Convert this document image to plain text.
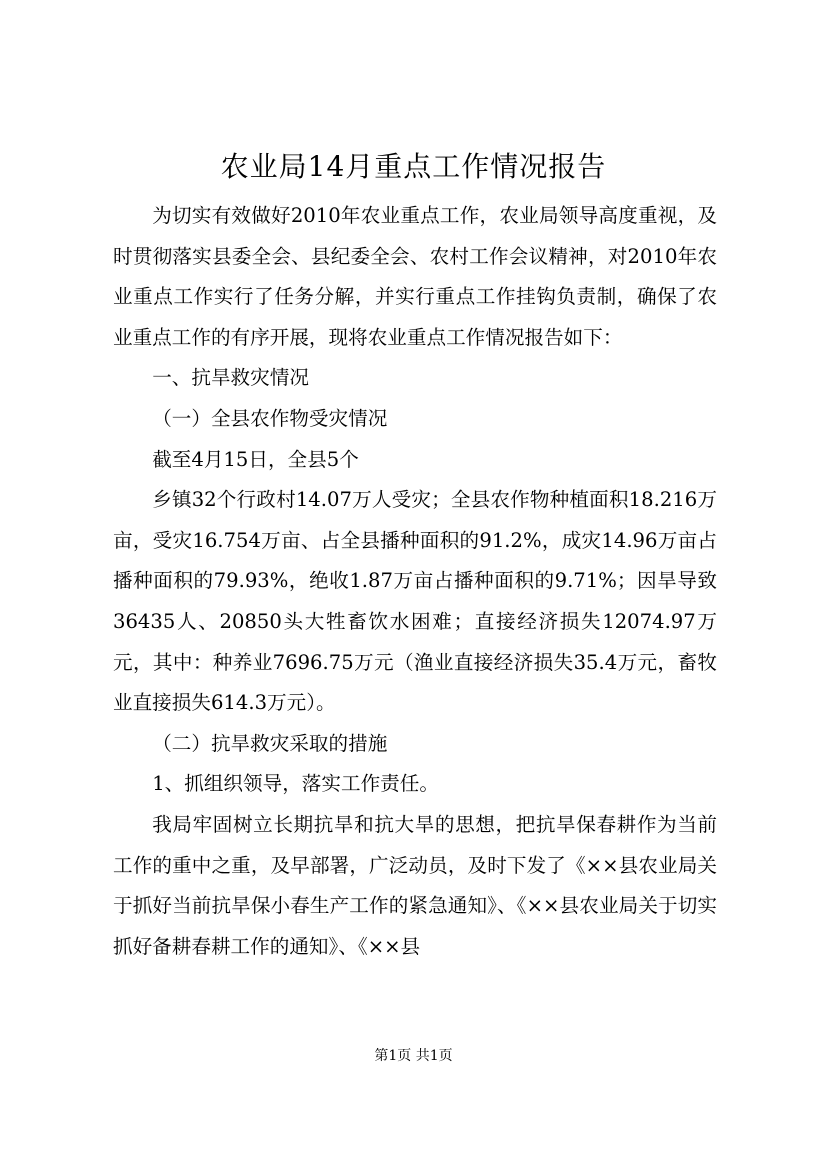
农业局14月重点工作情况报告

为切实有效做好2010年农业重点工作，农业局领导高度重视，及时贯彻落实县委全会、县纪委全会、农村工作会议精神，对2010年农业重点工作实行了任务分解，并实行重点工作挂钩负责制，确保了农业重点工作的有序开展，现将农业重点工作情况报告如下：

一、抗旱救灾情况

（一）全县农作物受灾情况

截至4月15日，全县5个

乡镇32个行政村14.07万人受灾；全县农作物种植面积18.216万亩，受灾16.754万亩、占全县播种面积的91.2%，成灾14.96万亩占播种面积的79.93%，绝收1.87万亩占播种面积的9.71%；因旱导致36435人、20850头大牲畜饮水困难；直接经济损失12074.97万元，其中：种养业7696.75万元（渔业直接经济损失35.4万元，畜牧业直接损失614.3万元）。

（二）抗旱救灾采取的措施

1、抓组织领导，落实工作责任。

我局牢固树立长期抗旱和抗大旱的思想，把抗旱保春耕作为当前工作的重中之重，及早部署，广泛动员，及时下发了《××县农业局关于抓好当前抗旱保小春生产工作的紧急通知》、《××县农业局关于切实抓好备耕春耕工作的通知》、《××县

第1页 共1页
